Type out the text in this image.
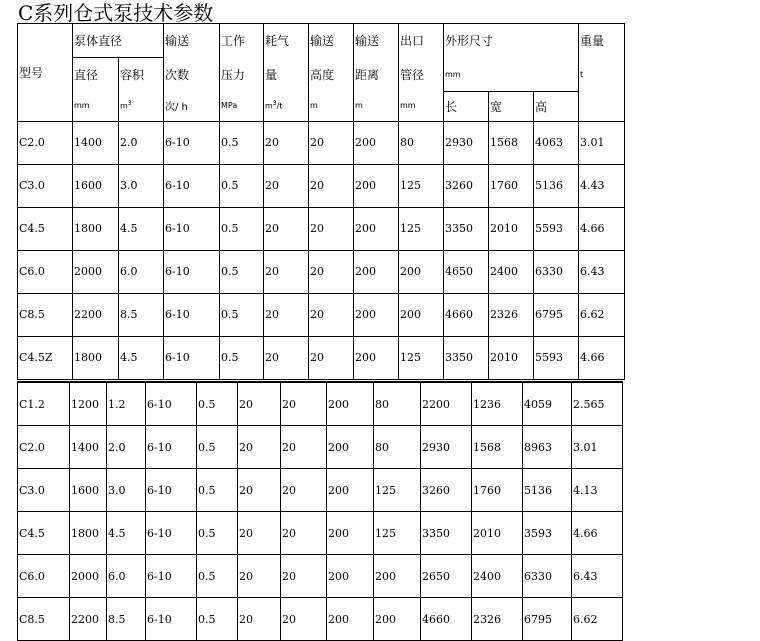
C系列仓式泵技术参数
型号	泵体直径		输送	工作	耗气	输送	输送	出口	外形尺寸			重量
	直径	容积	次数	压力	量	高度	距离	管径	mm			t
	mm	$m^3$	次/ h	MPa	$m^3/t$	m	m	mm	长	宽	高	
C2.0	1400	2.0	6-10	0.5	20	20	200	80	2930	1568	4063	3.01
C3.0	1600	3.0	6-10	0.5	20	20	200	125	3260	1760	5136	4.43
C4.5	1800	4.5	6-10	0.5	20	20	200	125	3350	2010	5593	4.66
C6.0	2000	6.0	6-10	0.5	20	20	200	200	4650	2400	6330	6.43
C8.5	2200	8.5	6-10	0.5	20	20	200	200	4660	2326	6795	6.62
C4.5Z	1800	4.5	6-10	0.5	20	20	200	125	3350	2010	5593	4.66
C1.2	1200	1.2	6-10	0.5	20	20	200	80	2200	1236	4059	2.565
C2.0	1400	2.0	6-10	0.5	20	20	200	80	2930	1568	8963	3.01
C3.0	1600	3.0	6-10	0.5	20	20	200	125	3260	1760	5136	4.13
C4.5	1800	4.5	6-10	0.5	20	20	200	125	3350	2010	3593	4.66
C6.0	2000	6.0	6-10	0.5	20	20	200	200	2650	2400	6330	6.43
C8.5	2200	8.5	6-10	0.5	20	20	200	200	4660	2326	6795	6.62
